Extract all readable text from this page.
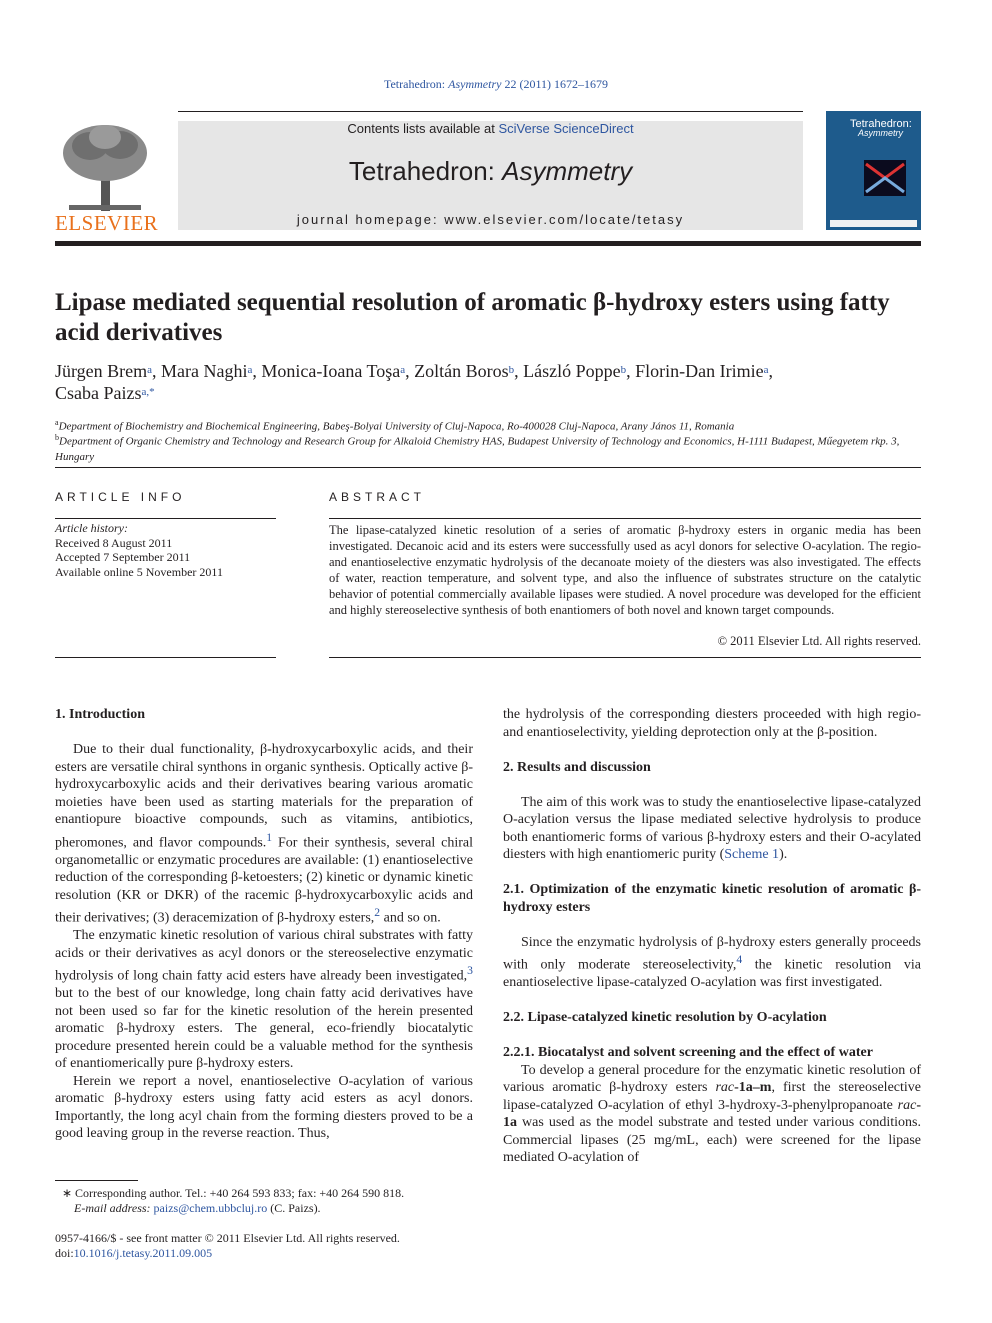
Tetrahedron: Asymmetry 22 (2011) 1672–1679
ELSEVIER
Contents lists available at SciVerse ScienceDirect
Tetrahedron: Asymmetry
journal homepage: www.elsevier.com/locate/tetasy
Tetrahedron:
Asymmetry
Lipase mediated sequential resolution of aromatic β-hydroxy esters using fatty acid derivatives
Jürgen Brem$^a$, Mara Naghi$^a$, Monica-Ioana Toşa$^a$, Zoltán Boros$^b$, László Poppe$^b$, Florin-Dan Irimie$^a$,
Csaba Paizs$^{a,*}$
$^a$Department of Biochemistry and Biochemical Engineering, Babeş-Bolyai University of Cluj-Napoca, Ro-400028 Cluj-Napoca, Arany János 11, Romania
$^b$Department of Organic Chemistry and Technology and Research Group for Alkaloid Chemistry HAS, Budapest University of Technology and Economics, H-1111 Budapest, Műegyetem rkp. 3, Hungary
ARTICLE INFO
Article history:
Received 8 August 2011
Accepted 7 September 2011
Available online 5 November 2011
ABSTRACT
The lipase-catalyzed kinetic resolution of a series of aromatic β-hydroxy esters in organic media has been investigated. Decanoic acid and its esters were successfully used as acyl donors for selective O-acylation. The regio- and enantioselective enzymatic hydrolysis of the decanoate moiety of the diesters was also investigated. The effects of water, reaction temperature, and solvent type, and also the influence of substrates structure on the catalytic behavior of potential commercially available lipases were studied. A novel procedure was developed for the efficient and highly stereoselective synthesis of both enantiomers of both novel and known target compounds.
© 2011 Elsevier Ltd. All rights reserved.
1. Introduction

Due to their dual functionality, β-hydroxycarboxylic acids, and their esters are versatile chiral synthons in organic synthesis. Optically active β-hydroxycarboxylic acids and their derivatives bearing various aromatic moieties have been used as starting materials for the preparation of enantiopure bioactive compounds, such as vitamins, antibiotics, pheromones, and flavor compounds.$^1$ For their synthesis, several chiral organometallic or enzymatic procedures are available: (1) enantioselective reduction of the corresponding β-ketoesters; (2) kinetic or dynamic kinetic resolution (KR or DKR) of the racemic β-hydroxycarboxylic acids and their derivatives; (3) deracemization of β-hydroxy esters,$^2$ and so on.

The enzymatic kinetic resolution of various chiral substrates with fatty acids or their derivatives as acyl donors or the stereoselective enzymatic hydrolysis of long chain fatty acid esters have already been investigated,$^3$ but to the best of our knowledge, long chain fatty acid derivatives have not been used so far for the kinetic resolution of the herein presented aromatic β-hydroxy esters. The general, eco-friendly biocatalytic procedure presented herein could be a valuable method for the synthesis of enantiomerically pure β-hydroxy esters.

Herein we report a novel, enantioselective O-acylation of various aromatic β-hydroxy esters using fatty acid esters as acyl donors. Importantly, the long acyl chain from the forming diesters proved to be a good leaving group in the reverse reaction. Thus,

∗ Corresponding author. Tel.: +40 264 593 833; fax: +40 264 590 818.
E-mail address: paizs@chem.ubbcluj.ro (C. Paizs).
0957-4166/$ - see front matter © 2011 Elsevier Ltd. All rights reserved.
doi:10.1016/j.tetasy.2011.09.005

the hydrolysis of the corresponding diesters proceeded with high regio- and enantioselectivity, yielding deprotection only at the β-position.

2. Results and discussion

The aim of this work was to study the enantioselective lipase-catalyzed O-acylation versus the lipase mediated selective hydrolysis to produce both enantiomeric forms of various β-hydroxy esters and their O-acylated diesters with high enantiomeric purity (Scheme 1).

2.1. Optimization of the enzymatic kinetic resolution of aromatic β-hydroxy esters

Since the enzymatic hydrolysis of β-hydroxy esters generally proceeds with only moderate stereoselectivity,$^4$ the kinetic resolution via enantioselective lipase-catalyzed O-acylation was first investigated.

2.2. Lipase-catalyzed kinetic resolution by O-acylation
2.2.1. Biocatalyst and solvent screening and the effect of water

To develop a general procedure for the enzymatic kinetic resolution of various aromatic β-hydroxy esters rac-1a–m, first the stereoselective lipase-catalyzed O-acylation of ethyl 3-hydroxy-3-phenylpropanoate rac-1a was used as the model substrate and tested under various conditions. Commercial lipases (25 mg/mL, each) were screened for the lipase mediated O-acylation of
